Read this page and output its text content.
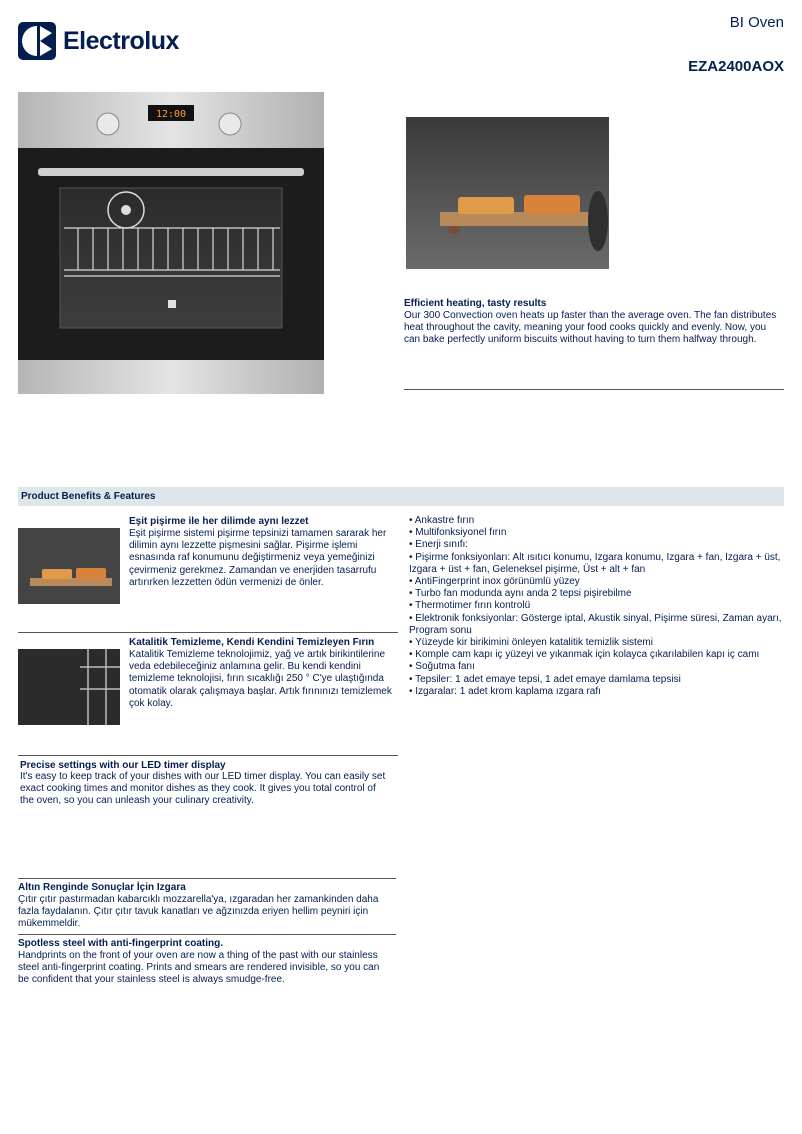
Electrolux
BI Oven
EZA2400AOX
12:00
Efficient heating, tasty results
Our 300 Convection oven heats up faster than the average oven. The fan distributes heat throughout the cavity, meaning your food cooks quickly and evenly. Now, you can bake perfectly uniform biscuits without having to turn them halfway through.
Product Benefits & Features
Eşit pişirme ile her dilimde aynı lezzet
Eşit pişirme sistemi pişirme tepsinizi tamamen sararak her dilimin aynı lezzette pişmesini sağlar. Pişirme işlemi esnasında raf konumunu değiştirmeniz veya yemeğinizi çevirmeniz gerekmez. Zamandan ve enerjiden tasarrufu artırırken lezzetten ödün vermenizi de önler.
Katalitik Temizleme, Kendi Kendini Temizleyen Fırın
Katalitik Temizleme teknolojimiz, yağ ve artık birikintilerine veda edebileceğiniz anlamına gelir. Bu kendi kendini temizleme teknolojisi, fırın sıcaklığı 250 ° C'ye ulaştığında otomatik olarak çalışmaya başlar. Artık fırınınızı temizlemek çok kolay.
Precise settings with our LED timer display
It's easy to keep track of your dishes with our LED timer display. You can easily set exact cooking times and monitor dishes as they cook. It gives you total control of the oven, so you can unleash your culinary creativity.
Altın Renginde Sonuçlar İçin Izgara
Çıtır çıtır pastırmadan kabarcıklı mozzarella'ya, ızgaradan her zamankinden daha fazla faydalanın. Çıtır çıtır tavuk kanatları ve ağzınızda eriyen hellim peyniri için mükemmeldir.
Spotless steel with anti-fingerprint coating.
Handprints on the front of your oven are now a thing of the past with our stainless steel anti-fingerprint coating. Prints and smears are rendered invisible, so you can be confident that your stainless steel is always smudge-free.
• Ankastre fırın
• Multifonksiyonel fırın
• Enerji sınıfı:
• Pişirme fonksiyonları: Alt ısıtıcı konumu, Izgara konumu, Izgara + fan, Izgara + üst, Izgara + üst + fan, Geleneksel pişirme, Üst + alt + fan
• AntiFingerprint inox görünümlü yüzey
• Turbo fan modunda aynı anda 2 tepsi pişirebilme
• Thermotimer fırın kontrolü
• Elektronik fonksiyonlar: Gösterge iptal, Akustik sinyal, Pişirme süresi, Zaman ayarı, Program sonu
• Yüzeyde kir birikimini önleyen katalitik temizlik sistemi
• Komple cam kapı iç yüzeyi ve yıkanmak için kolayca çıkarılabilen kapı iç camı
• Soğutma fanı
• Tepsiler: 1 adet emaye tepsi, 1 adet emaye damlama tepsisi
• Izgaralar: 1 adet krom kaplama ızgara rafı
